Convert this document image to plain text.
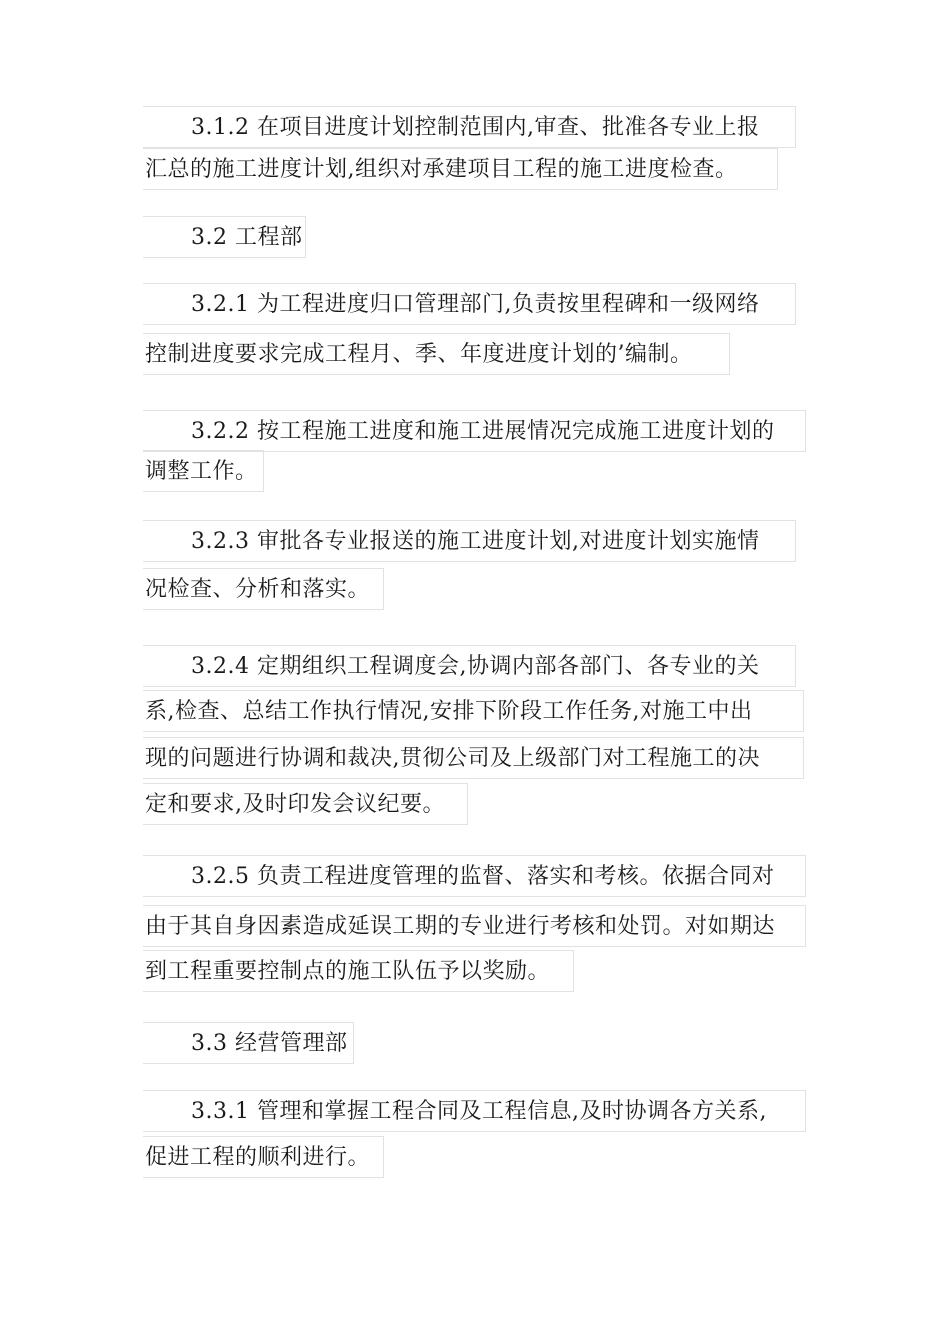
3.1.2 在项目进度计划控制范围内,审查、批准各专业上报
汇总的施工进度计划,组织对承建项目工程的施工进度检查。
3.2 工程部
3.2.1 为工程进度归口管理部门,负责按里程碑和一级网络
控制进度要求完成工程月、季、年度进度计划的’编制。
3.2.2 按工程施工进度和施工进展情况完成施工进度计划的
调整工作。
3.2.3 审批各专业报送的施工进度计划,对进度计划实施情
况检查、分析和落实。
3.2.4 定期组织工程调度会,协调内部各部门、各专业的关
系,检查、总结工作执行情况,安排下阶段工作任务,对施工中出
现的问题进行协调和裁决,贯彻公司及上级部门对工程施工的决
定和要求,及时印发会议纪要。
3.2.5 负责工程进度管理的监督、落实和考核。依据合同对
由于其自身因素造成延误工期的专业进行考核和处罚。对如期达
到工程重要控制点的施工队伍予以奖励。
3.3 经营管理部
3.3.1 管理和掌握工程合同及工程信息,及时协调各方关系,
促进工程的顺利进行。
